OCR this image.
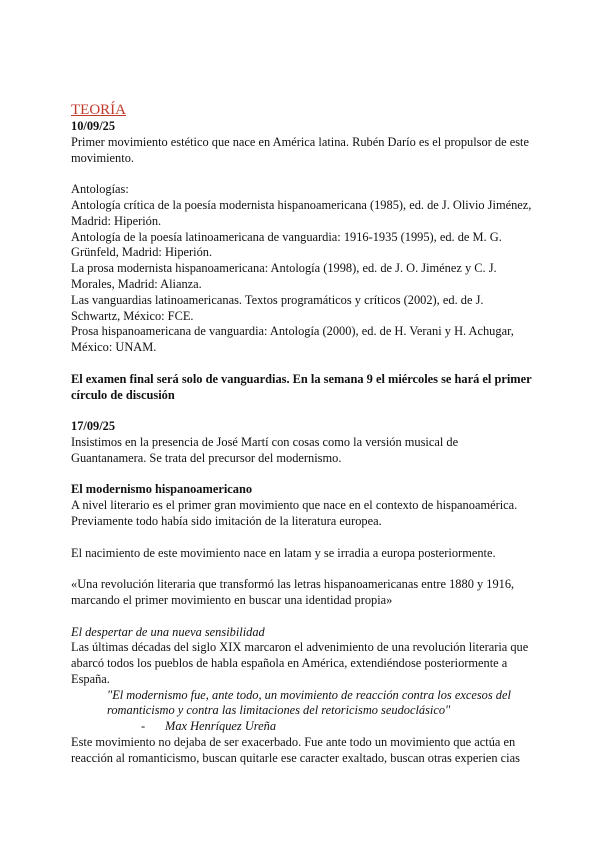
TEORÍA

10/09/25

Primer movimiento estético que nace en América latina. Rubén Darío es el propulsor de este movimiento.

Antologías:

Antología crítica de la poesía modernista hispanoamericana (1985), ed. de J. Olivio Jiménez, Madrid: Hiperión.

Antología de la poesía latinoamericana de vanguardia: 1916-1935 (1995), ed. de M. G. Grünfeld, Madrid: Hiperión.

La prosa modernista hispanoamericana: Antología (1998), ed. de J. O. Jiménez y C. J. Morales, Madrid: Alianza.

Las vanguardias latinoamericanas. Textos programáticos y críticos (2002), ed. de J. Schwartz, México: FCE.

Prosa hispanoamericana de vanguardia: Antología (2000), ed. de H. Verani y H. Achugar, México: UNAM.

El examen final será solo de vanguardias. En la semana 9 el miércoles se hará el primer círculo de discusión

17/09/25

Insistimos en la presencia de José Martí con cosas como la versión musical de Guantanamera. Se trata del precursor del modernismo.

El modernismo hispanoamericano

A nivel literario es el primer gran movimiento que nace en el contexto de hispanoamérica. Previamente todo había sido imitación de la literatura europea.

El nacimiento de este movimiento nace en latam y se irradia a europa posteriormente.

«Una revolución literaria que transformó las letras hispanoamericanas entre 1880 y 1916, marcando el primer movimiento en buscar una identidad propia»

El despertar de una nueva sensibilidad

Las últimas décadas del siglo XIX marcaron el advenimiento de una revolución literaria que abarcó todos los pueblos de habla española en América, extendiéndose posteriormente a España.

"El modernismo fue, ante todo, un movimiento de reacción contra los excesos del romanticismo y contra las limitaciones del retoricismo seudoclásico"

- Max Henríquez Ureña

Este movimiento no dejaba de ser exacerbado. Fue ante todo un movimiento que actúa en reacción al romanticismo, buscan quitarle ese caracter exaltado, buscan otras experien cias
